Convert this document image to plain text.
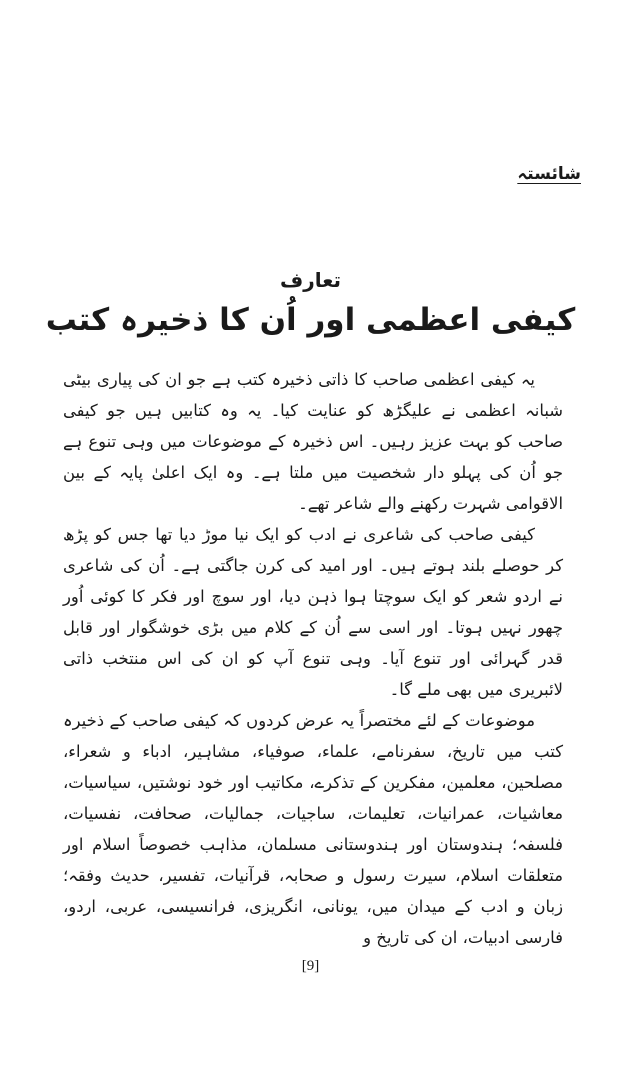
شائستہ
تعارف
کیفی اعظمی اور اُن کا ذخیرہ کتب

یہ کیفی اعظمی صاحب کا ذاتی ذخیرہ کتب ہے جو ان کی پیاری بیٹی شبانہ اعظمی نے علیگڑھ کو عنایت کیا۔ یہ وہ کتابیں ہیں جو کیفی صاحب کو بہت عزیز رہیں۔ اس ذخیرہ کے موضوعات میں وہی تنوع ہے جو اُن کی پہلو دار شخصیت میں ملتا ہے۔ وہ ایک اعلیٰ پایہ کے بین الاقوامی شہرت رکھنے والے شاعر تھے۔

کیفی صاحب کی شاعری نے ادب کو ایک نیا موڑ دیا تھا جس کو پڑھ کر حوصلے بلند ہوتے ہیں۔ اور امید کی کرن جاگتی ہے۔ اُن کی شاعری نے اردو شعر کو ایک سوچتا ہوا ذہن دیا، اور سوچ اور فکر کا کوئی اُور چھور نہیں ہوتا۔ اور اسی سے اُن کے کلام میں بڑی خوشگوار اور قابل قدر گہرائی اور تنوع آیا۔ وہی تنوع آپ کو ان کی اس منتخب ذاتی لائبریری میں بھی ملے گا۔

موضوعات کے لئے مختصراً یہ عرض کردوں کہ کیفی صاحب کے ذخیرہ کتب میں تاریخ، سفرنامے، علماء، صوفیاء، مشاہیر، ادباء و شعراء، مصلحین، معلمین، مفکرین کے تذکرے، مکاتیب اور خود نوشتیں، سیاسیات، معاشیات، عمرانیات، تعلیمات، ساجیات، جمالیات، صحافت، نفسیات، فلسفہ؛ ہندوستان اور ہندوستانی مسلمان، مذاہب خصوصاً اسلام اور متعلقات اسلام، سیرت رسول و صحابہ، قرآنیات، تفسیر، حدیث وفقہ؛ زبان و ادب کے میدان میں، یونانی، انگریزی، فرانسیسی، عربی، اردو، فارسی ادبیات، ان کی تاریخ و

[9]
